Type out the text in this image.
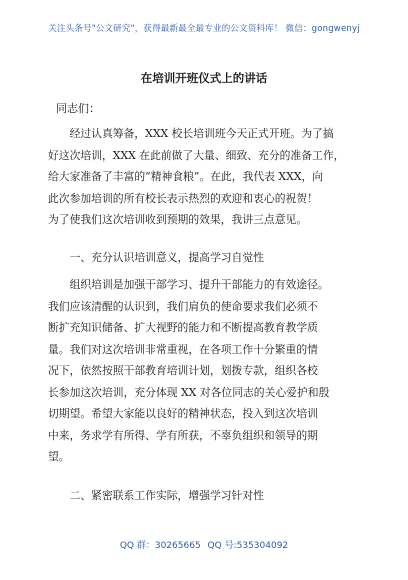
关注头条号"公文研究"，获得最新最全最专业的公文资料库！ 微信：gongwenyj
在培训开班仪式上的讲话
同志们：
　　经过认真筹备，XXX 校长培训班今天正式开班。为了搞
好这次培训，XXX 在此前做了大量、细致、充分的准备工作，
给大家准备了丰富的“精神食粮”。在此，我代表 XXX，向
此次参加培训的所有校长表示热烈的欢迎和衷心的祝贺！
为了使我们这次培训收到预期的效果，我讲三点意见。
　　一、充分认识培训意义，提高学习自觉性
　　组织培训是加强干部学习、提升干部能力的有效途径。
我们应该清醒的认识到，我们肩负的使命要求我们必须不
断扩充知识储备、扩大视野的能力和不断提高教育教学质
量。我们对这次培训非常重视，在各项工作十分繁重的情
况下，依然按照干部教育培训计划，划拨专款，组织各校
长参加这次培训，充分体现 XX 对各位同志的关心爱护和殷
切期望。希望大家能以良好的精神状态，投入到这次培训
中来，务求学有所得、学有所获，不辜负组织和领导的期
望。
　　二、紧密联系工作实际，增强学习针对性
QQ 群：30265665 QQ 号:535304092
